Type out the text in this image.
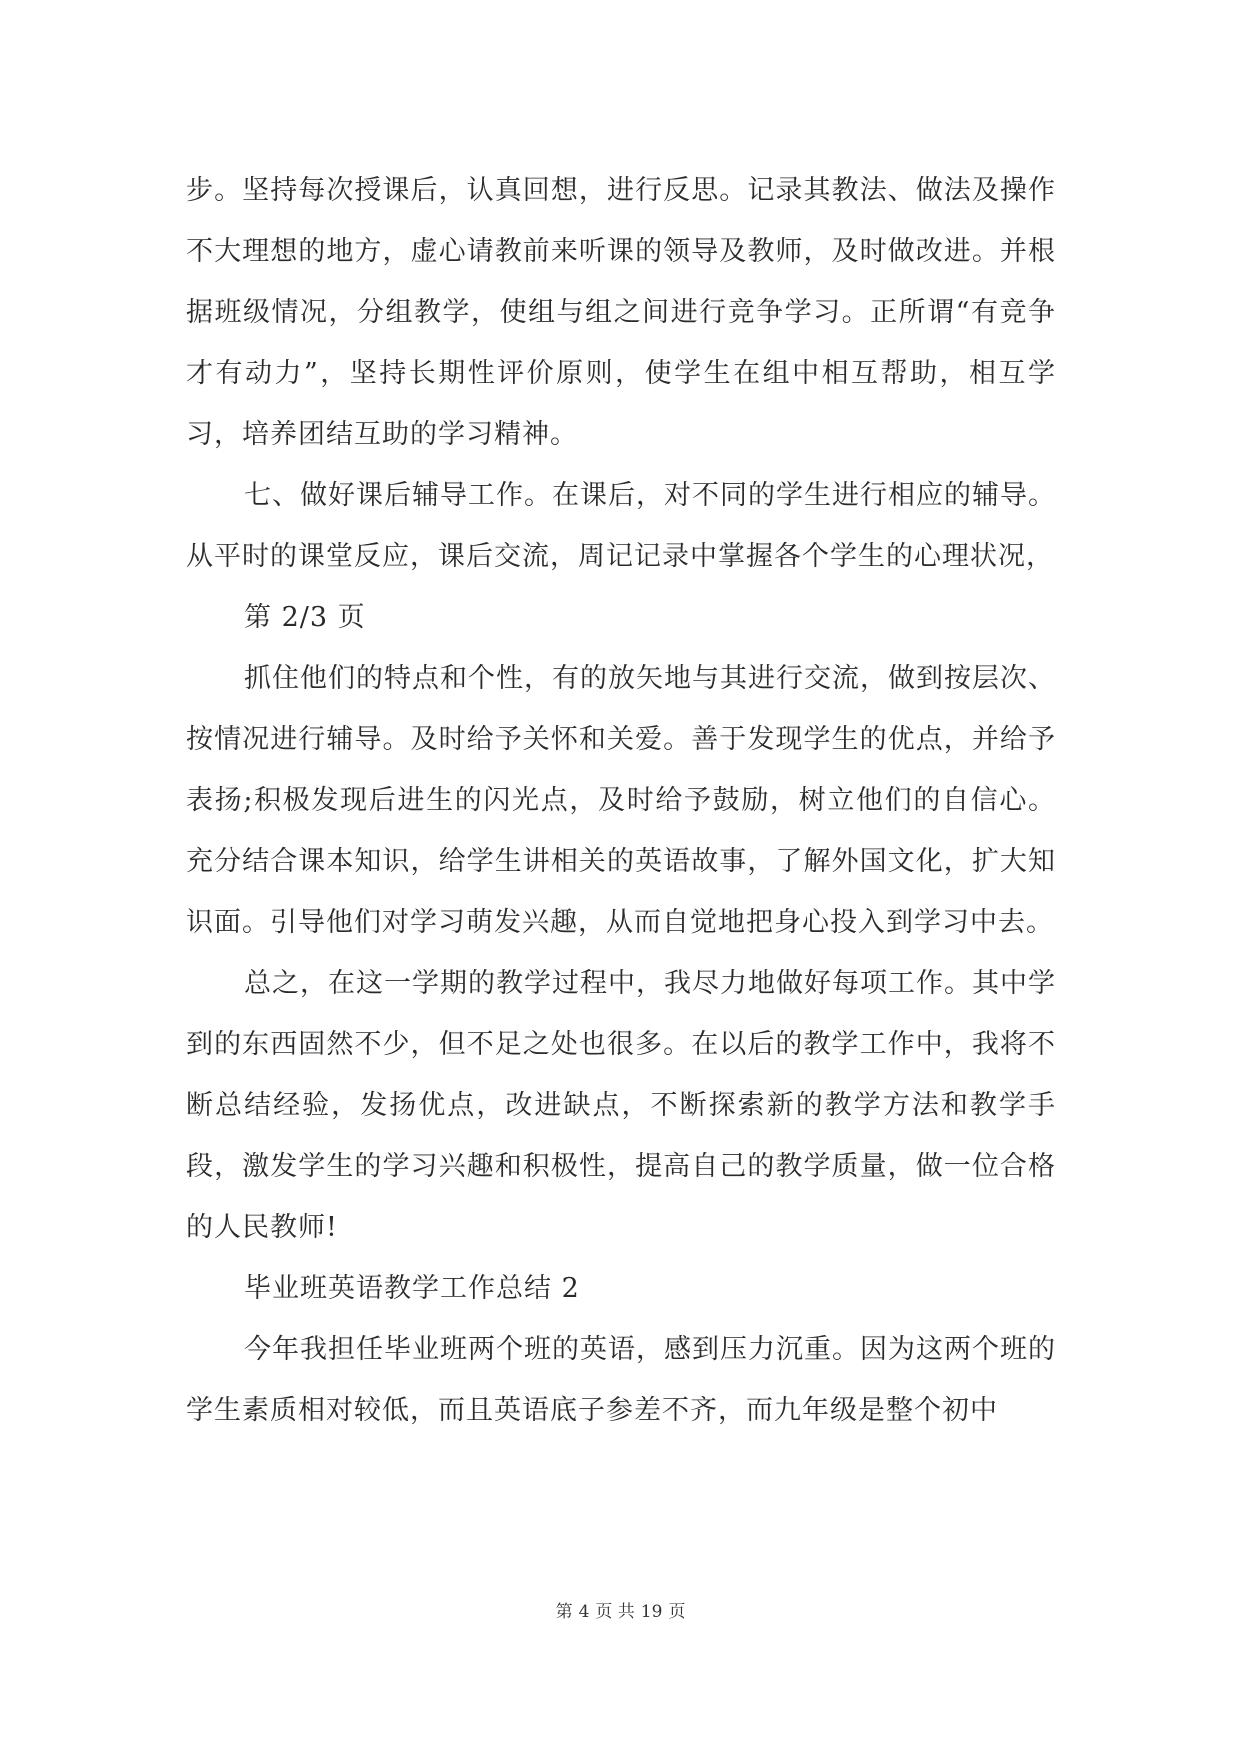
步。坚持每次授课后，认真回想，进行反思。记录其教法、做法及操作不大理想的地方，虚心请教前来听课的领导及教师，及时做改进。并根据班级情况，分组教学，使组与组之间进行竞争学习。正所谓“有竞争才有动力”，坚持长期性评价原则，使学生在组中相互帮助，相互学习，培养团结互助的学习精神。

七、做好课后辅导工作。在课后，对不同的学生进行相应的辅导。从平时的课堂反应，课后交流，周记记录中掌握各个学生的心理状况，

第 2/3 页

抓住他们的特点和个性，有的放矢地与其进行交流，做到按层次、按情况进行辅导。及时给予关怀和关爱。善于发现学生的优点，并给予表扬;积极发现后进生的闪光点，及时给予鼓励，树立他们的自信心。充分结合课本知识，给学生讲相关的英语故事，了解外国文化，扩大知识面。引导他们对学习萌发兴趣，从而自觉地把身心投入到学习中去。

总之，在这一学期的教学过程中，我尽力地做好每项工作。其中学到的东西固然不少，但不足之处也很多。在以后的教学工作中，我将不断总结经验，发扬优点，改进缺点，不断探索新的教学方法和教学手段，激发学生的学习兴趣和积极性，提高自己的教学质量，做一位合格的人民教师!

毕业班英语教学工作总结 2

今年我担任毕业班两个班的英语，感到压力沉重。因为这两个班的学生素质相对较低，而且英语底子参差不齐，而九年级是整个初中

第 4 页 共 19 页
